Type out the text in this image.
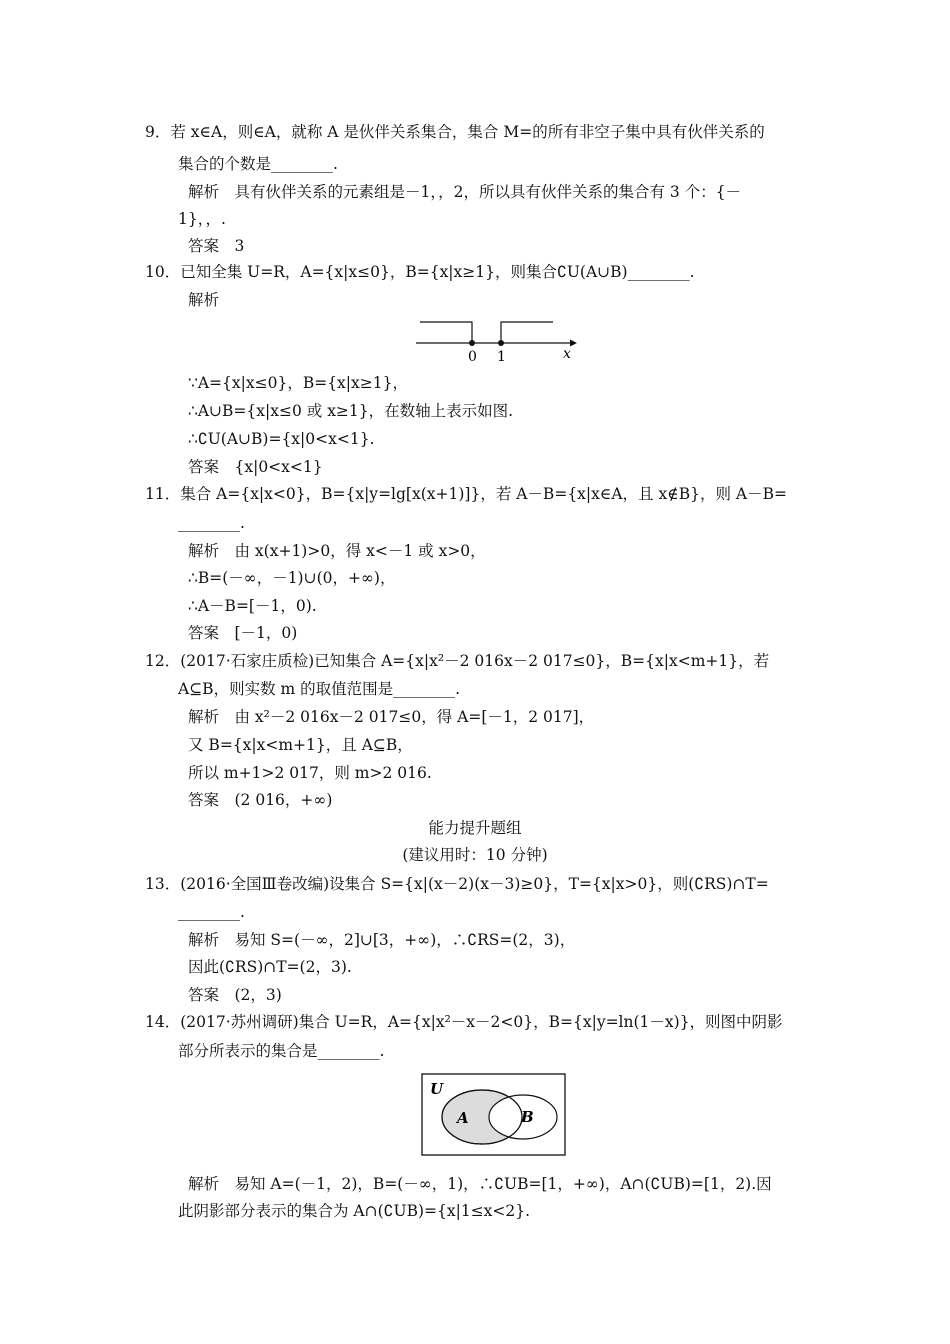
9．若 x∈A，则∈A，就称 A 是伙伴关系集合，集合 M=的所有非空子集中具有伙伴关系的
集合的个数是________.
解析　具有伙伴关系的元素组是－1，，2，所以具有伙伴关系的集合有 3 个：{－
1}，，.
答案　3
10．已知全集 U=R，A={x|x≤0}，B={x|x≥1}，则集合∁U(A∪B)________.
解析
0 1	x
∵A={x|x≤0}，B={x|x≥1}，
∴A∪B={x|x≤0 或 x≥1}，在数轴上表示如图.
∴∁U(A∪B)={x|0<x<1}.
答案　{x|0<x<1}
11．集合 A={x|x<0}，B={x|y=lg[x(x+1)]}，若 A－B={x|x∈A，且 x∉B}，则 A－B=
________.
解析　由 x(x+1)>0，得 x<－1 或 x>0，
∴B=(－∞，－1)∪(0，+∞)，
∴A－B=[－1，0).
答案　[－1，0)
12．(2017·石家庄质检)已知集合 A={x|x²－2 016x－2 017≤0}，B={x|x<m+1}，若
A⊆B，则实数 m 的取值范围是________.
解析　由 x²－2 016x－2 017≤0，得 A=[－1，2 017]，
又 B={x|x<m+1}，且 A⊆B，
所以 m+1>2 017，则 m>2 016.
答案　(2 016，+∞)
能力提升题组
(建议用时：10 分钟)
13．(2016·全国Ⅲ卷改编)设集合 S={x|(x－2)(x－3)≥0}，T={x|x>0}，则(∁RS)∩T=
________.
解析　易知 S=(－∞，2]∪[3，+∞)，∴∁RS=(2，3)，
因此(∁RS)∩T=(2，3).
答案　(2，3)
14．(2017·苏州调研)集合 U=R，A={x|x²－x－2<0}，B={x|y=ln(1－x)}，则图中阴影
部分所表示的集合是________.
U
A	B
解析　易知 A=(－1，2)，B=(－∞，1)，∴∁UB=[1，+∞)，A∩(∁UB)=[1，2).因
此阴影部分表示的集合为 A∩(∁UB)={x|1≤x<2}.
